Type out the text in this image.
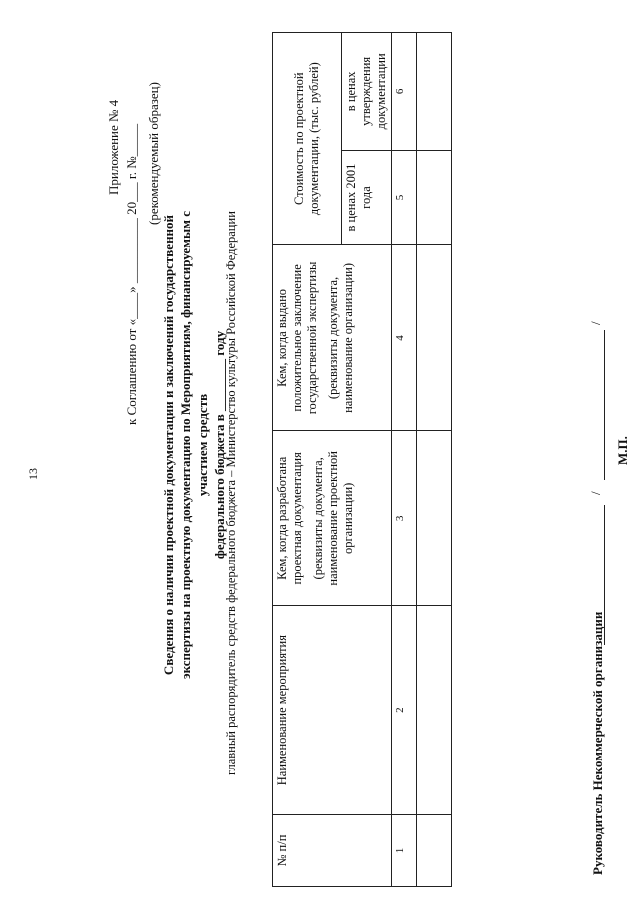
13
Приложение № 4 к Соглашению от «____» __________ 20___ г. №_____ (рекомендуемый образец)
Сведения о наличии проектной документации и заключений государственной экспертизы на проектную документацию по Мероприятиям, финансируемым с участием средств федерального бюджета в ________ году
главный распорядитель средств федерального бюджета – Министерство культуры Российской Федерации
№ п/п	Наименование мероприятия	Кем, когда разработана проектная документация (реквизиты документа, наименование проектной организации)	Кем, когда выдано положительное заключение государственной экспертизы (реквизиты документа, наименование организации)	Стоимость по проектной документации, (тыс. рублей)	
				в ценах 2001 года	в ценах утверждения документации
1	2	3	4	5	6

Руководитель Некоммерческой организации
/
/
М.П.
